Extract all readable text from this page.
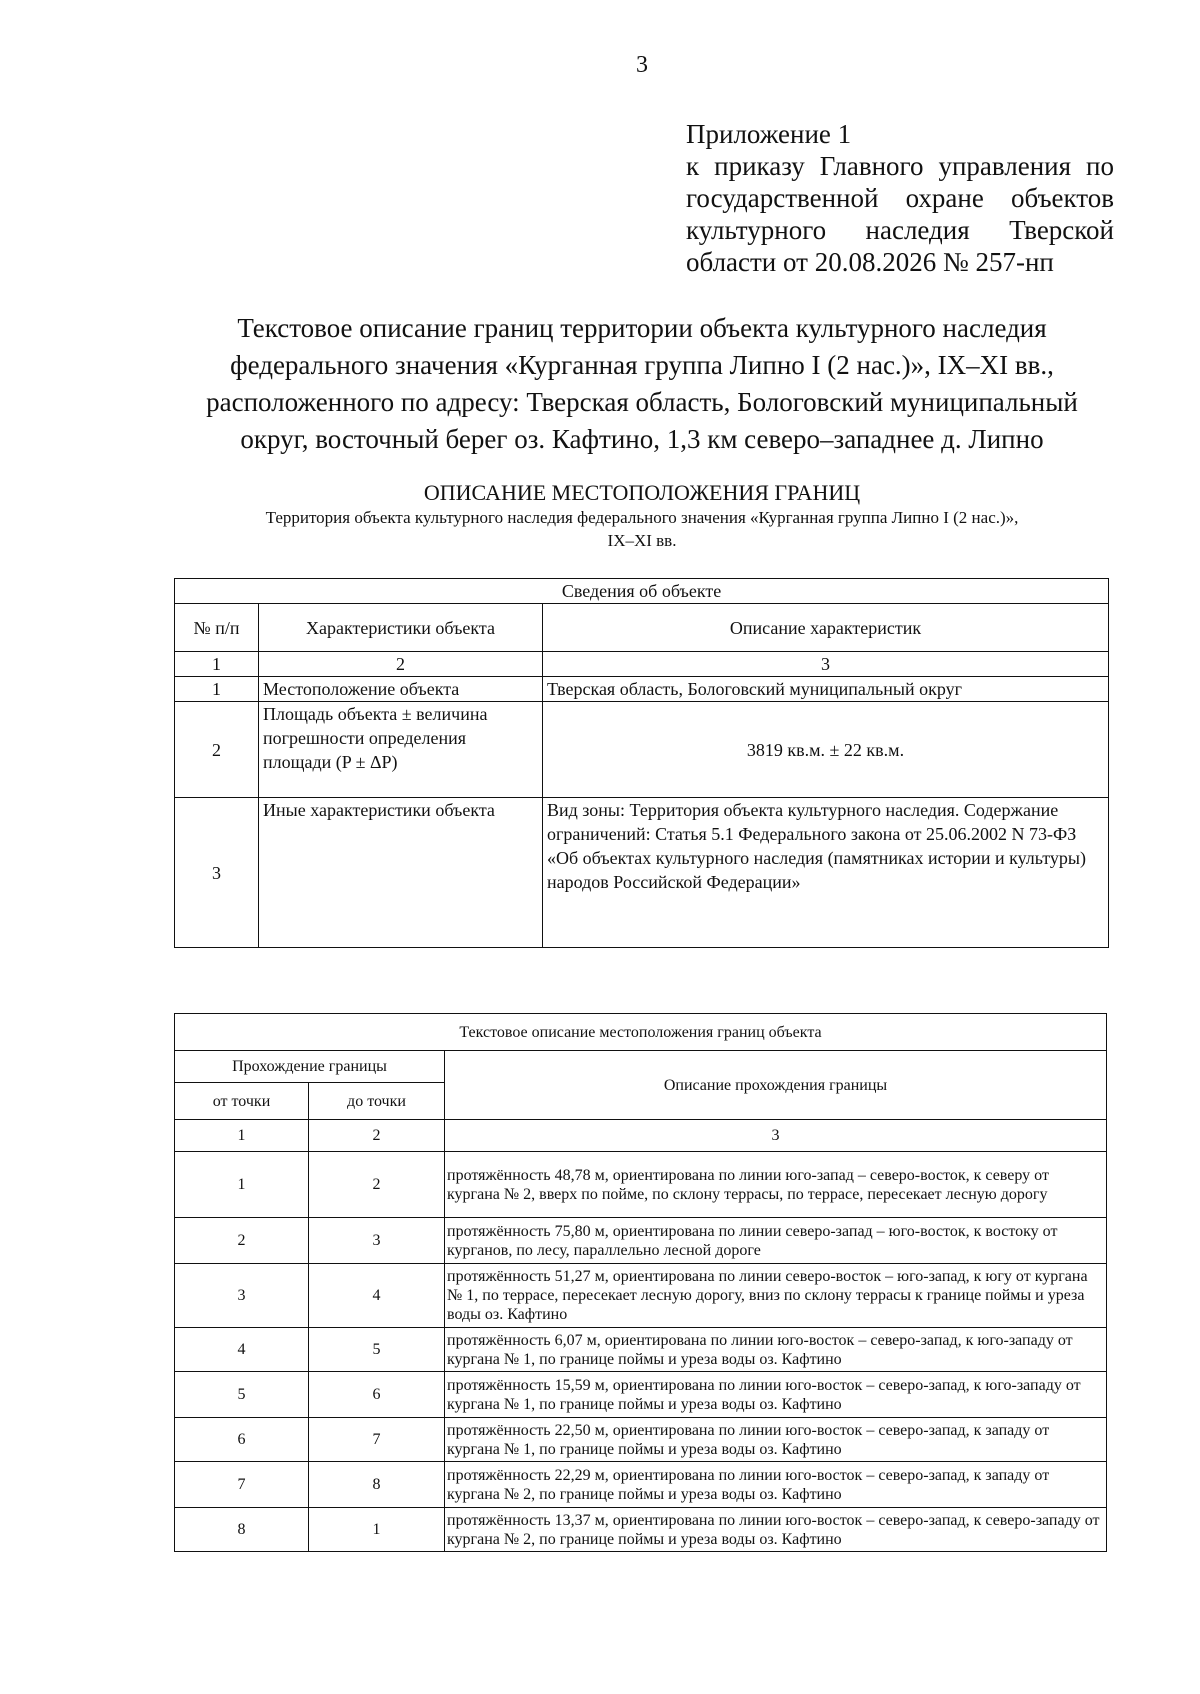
3
Приложение 1
к приказу Главного управления по
государственной охране объектов
культурного наследия Тверской
области от 20.08.2026 № 257-нп
Текстовое описание границ территории объекта культурного наследия
федерального значения «Курганная группа Липно I (2 нас.)», IX–XI вв.,
расположенного по адресу: Тверская область, Бологовский муниципальный
округ, восточный берег оз. Кафтино, 1,3 км северо–западнее д. Липно
ОПИСАНИЕ МЕСТОПОЛОЖЕНИЯ ГРАНИЦ
Территория объекта культурного наследия федерального значения «Курганная группа Липно I (2 нас.)»,
IX–XI вв.
Сведения об объекте		
№ п/п	Характеристики объекта	Описание характеристик
1	2	3
1	Местоположение объекта	Тверская область, Бологовский муниципальный округ
2	Площадь объекта ± величина погрешности определения площади (P ± ΔP)	3819 кв.м. ± 22 кв.м.
3	Иные характеристики объекта	Вид зоны: Территория объекта культурного наследия. Содержание ограничений: Статья 5.1 Федерального закона от 25.06.2002 N 73-ФЗ «Об объектах культурного наследия (памятниках истории и культуры) народов Российской Федерации»
Текстовое описание местоположения границ объекта		
Прохождение границы		Описание прохождения границы
от точки	до точки	
1	2	3
1	2	протяжённость 48,78 м, ориентирована по линии юго-запад – северо-восток, к северу от кургана № 2, вверх по пойме, по склону террасы, по террасе, пересекает лесную дорогу
2	3	протяжённость 75,80 м, ориентирована по линии северо-запад – юго-восток, к востоку от курганов, по лесу, параллельно лесной дороге
3	4	протяжённость 51,27 м, ориентирована по линии северо-восток – юго-запад, к югу от кургана № 1, по террасе, пересекает лесную дорогу, вниз по склону террасы к границе поймы и уреза воды оз. Кафтино
4	5	протяжённость 6,07 м, ориентирована по линии юго-восток – северо-запад, к юго-западу от кургана № 1, по границе поймы и уреза воды оз. Кафтино
5	6	протяжённость 15,59 м, ориентирована по линии юго-восток – северо-запад, к юго-западу от кургана № 1, по границе поймы и уреза воды оз. Кафтино
6	7	протяжённость 22,50 м, ориентирована по линии юго-восток – северо-запад, к западу от кургана № 1, по границе поймы и уреза воды оз. Кафтино
7	8	протяжённость 22,29 м, ориентирована по линии юго-восток – северо-запад, к западу от кургана № 2, по границе поймы и уреза воды оз. Кафтино
8	1	протяжённость 13,37 м, ориентирована по линии юго-восток – северо-запад, к северо-западу от кургана № 2, по границе поймы и уреза воды оз. Кафтино
